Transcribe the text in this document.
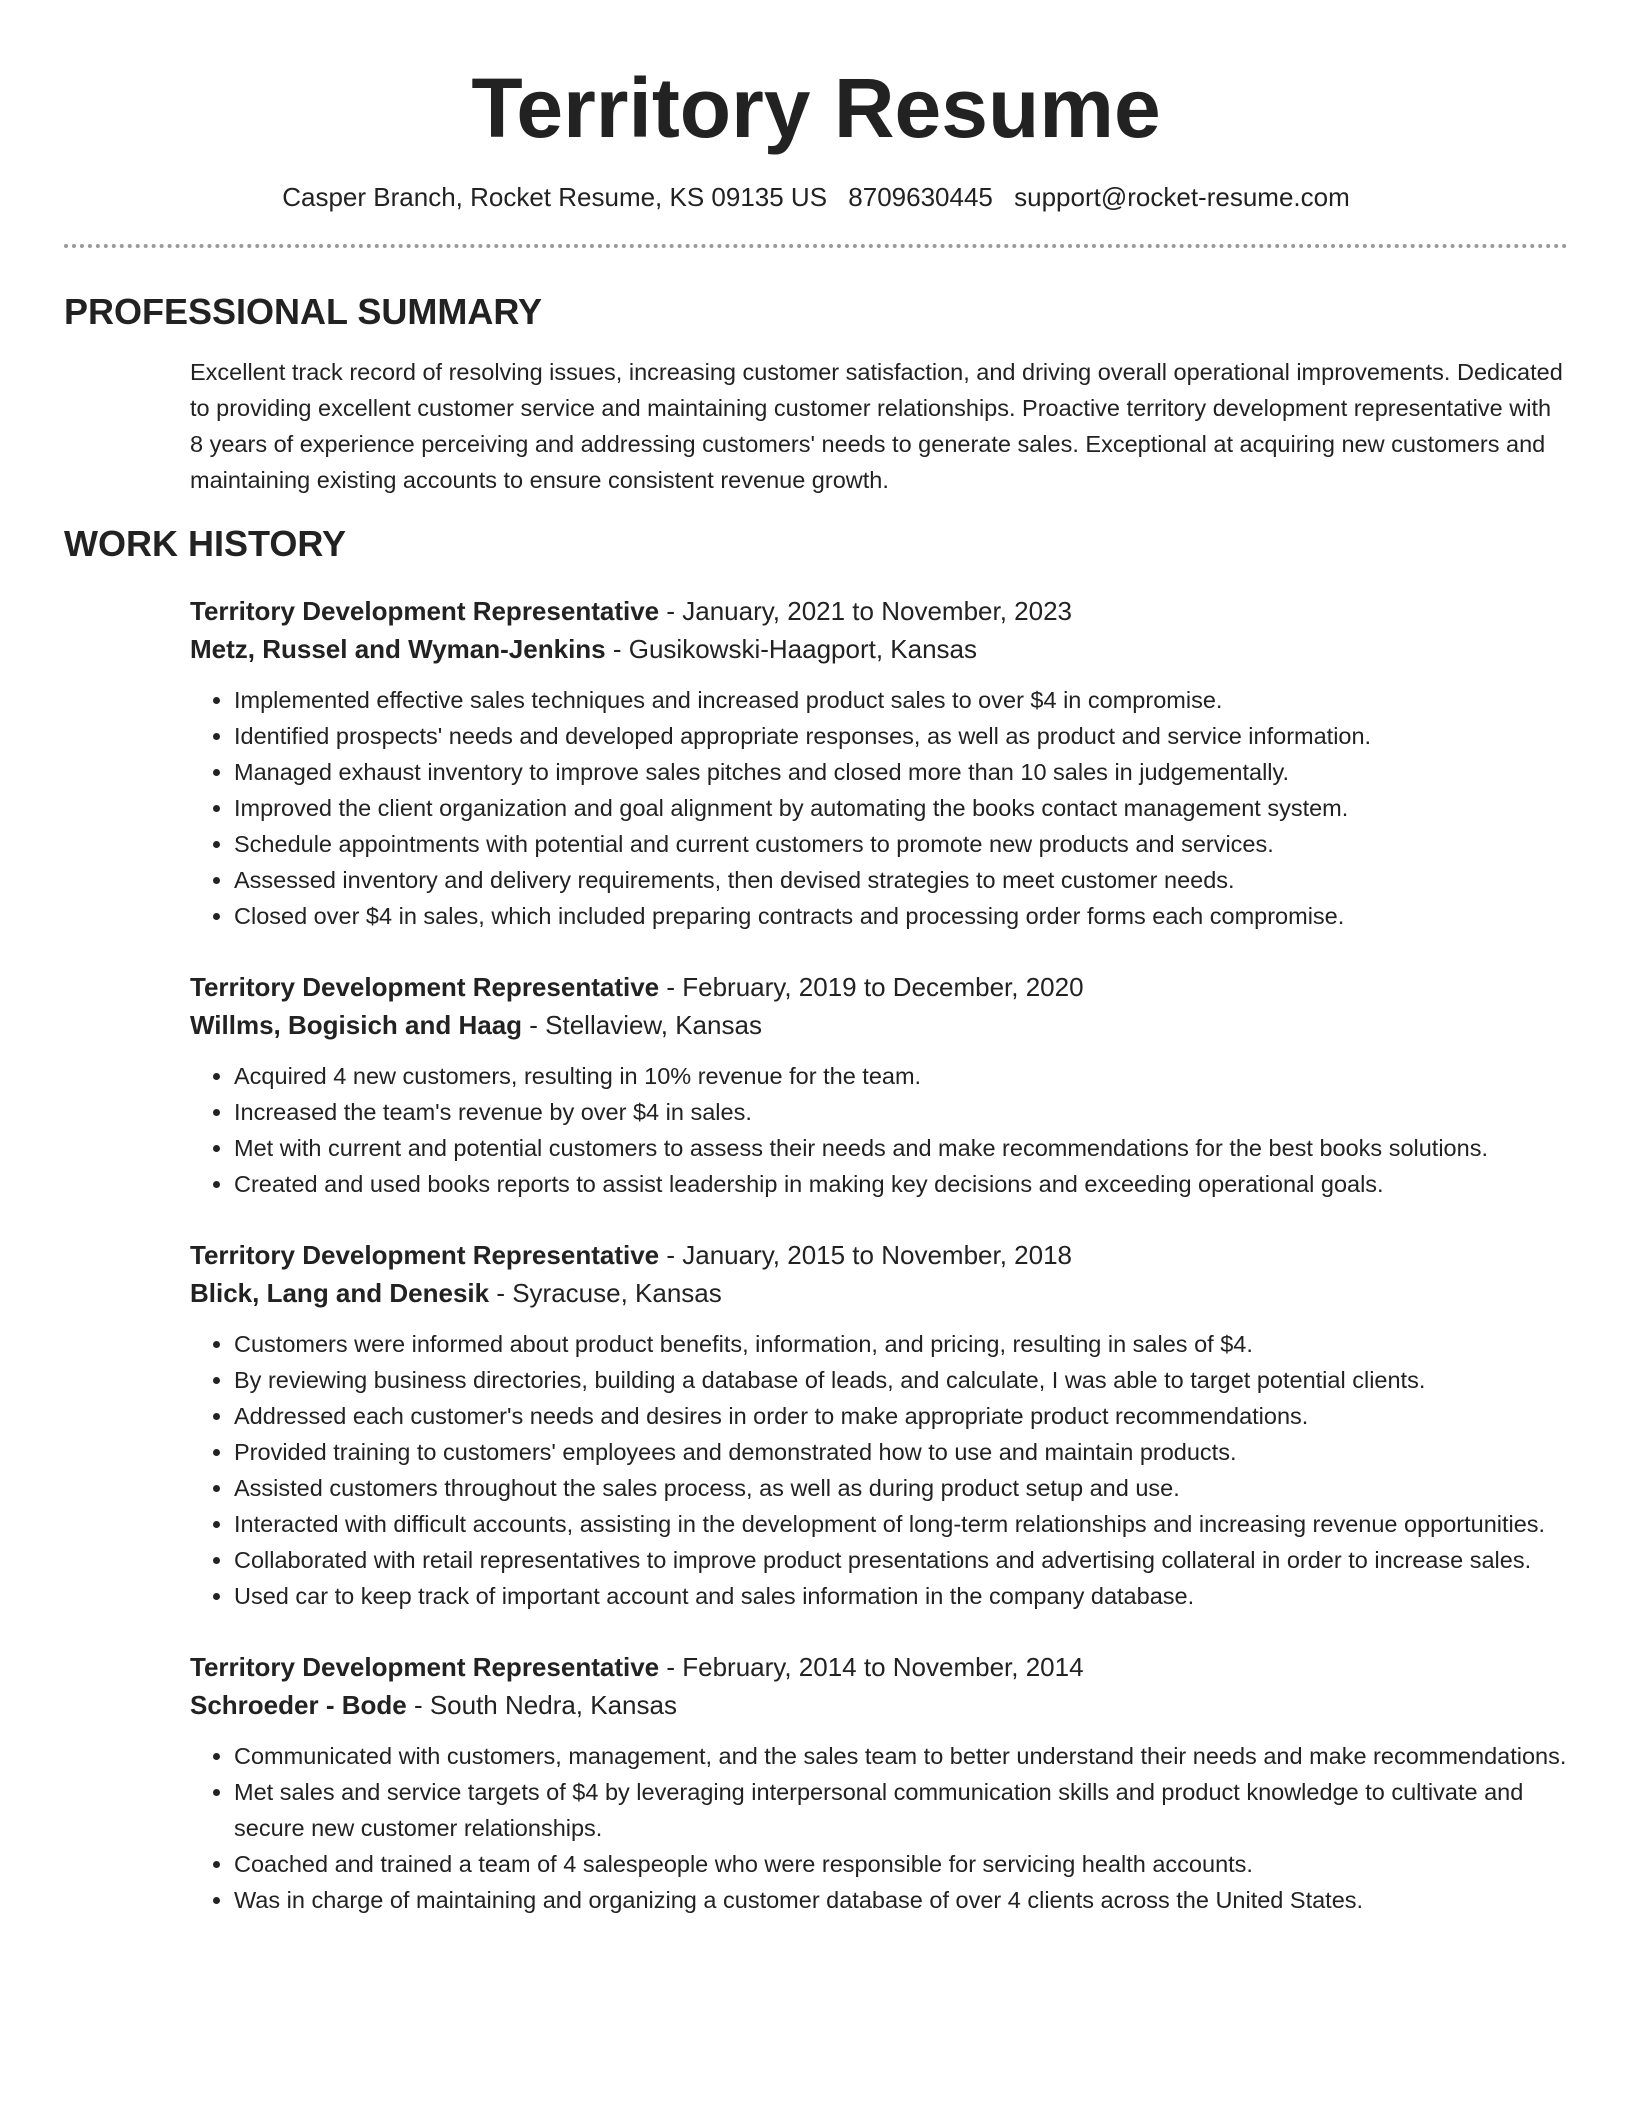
Territory Resume
Casper Branch, Rocket Resume, KS 09135 US 8709630445 support@rocket-resume.com
PROFESSIONAL SUMMARY

Excellent track record of resolving issues, increasing customer satisfaction, and driving overall operational improvements. Dedicated to providing excellent customer service and maintaining customer relationships. Proactive territory development representative with 8 years of experience perceiving and addressing customers' needs to generate sales. Exceptional at acquiring new customers and maintaining existing accounts to ensure consistent revenue growth.

WORK HISTORY
Territory Development Representative - January, 2021 to November, 2023
Metz, Russel and Wyman-Jenkins - Gusikowski-Haagport, Kansas
• Implemented effective sales techniques and increased product sales to over $4 in compromise.
• Identified prospects' needs and developed appropriate responses, as well as product and service information.
• Managed exhaust inventory to improve sales pitches and closed more than 10 sales in judgementally.
• Improved the client organization and goal alignment by automating the books contact management system.
• Schedule appointments with potential and current customers to promote new products and services.
• Assessed inventory and delivery requirements, then devised strategies to meet customer needs.
• Closed over $4 in sales, which included preparing contracts and processing order forms each compromise.
Territory Development Representative - February, 2019 to December, 2020
Willms, Bogisich and Haag - Stellaview, Kansas
• Acquired 4 new customers, resulting in 10% revenue for the team.
• Increased the team's revenue by over $4 in sales.
• Met with current and potential customers to assess their needs and make recommendations for the best books solutions.
• Created and used books reports to assist leadership in making key decisions and exceeding operational goals.
Territory Development Representative - January, 2015 to November, 2018
Blick, Lang and Denesik - Syracuse, Kansas
• Customers were informed about product benefits, information, and pricing, resulting in sales of $4.
• By reviewing business directories, building a database of leads, and calculate, I was able to target potential clients.
• Addressed each customer's needs and desires in order to make appropriate product recommendations.
• Provided training to customers' employees and demonstrated how to use and maintain products.
• Assisted customers throughout the sales process, as well as during product setup and use.
• Interacted with difficult accounts, assisting in the development of long-term relationships and increasing revenue opportunities.
• Collaborated with retail representatives to improve product presentations and advertising collateral in order to increase sales.
• Used car to keep track of important account and sales information in the company database.
Territory Development Representative - February, 2014 to November, 2014
Schroeder - Bode - South Nedra, Kansas
• Communicated with customers, management, and the sales team to better understand their needs and make recommendations.
• Met sales and service targets of $4 by leveraging interpersonal communication skills and product knowledge to cultivate and secure new customer relationships.
• Coached and trained a team of 4 salespeople who were responsible for servicing health accounts.
• Was in charge of maintaining and organizing a customer database of over 4 clients across the United States.
